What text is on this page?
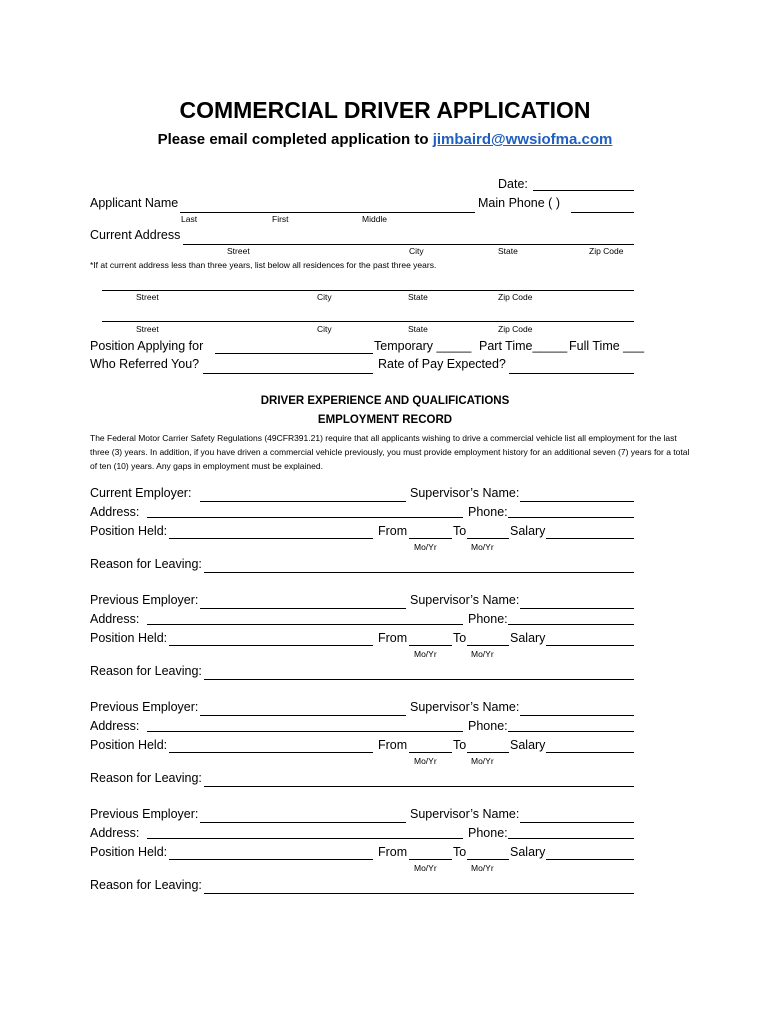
COMMERCIAL DRIVER APPLICATION
Please email completed application to jimbaird@wwsiofma.com
Date:
Applicant Name	Main Phone ( )
Last	First	Middle
Current Address
Street	City	State	Zip Code
*If at current address less than three years, list below all residences for the past three years.
Street	City	State	Zip Code
Street	City	State	Zip Code
Position Applying for	Temporary _____ Part Time_____ Full Time ___
Who Referred You?	Rate of Pay Expected?
DRIVER EXPERIENCE AND QUALIFICATIONS
EMPLOYMENT RECORD
The Federal Motor Carrier Safety Regulations (49CFR391.21) require that all applicants wishing to drive a commercial vehicle list all employment for the last three (3) years. In addition, if you have driven a commercial vehicle previously, you must provide employment history for an additional seven (7) years for a total of ten (10) years. Any gaps in employment must be explained.
Current Employer:	Supervisor’s Name:
Address:	Phone:
Position Held:	From	To	Salary
Mo/Yr	Mo/Yr
Reason for Leaving:
Previous Employer:	Supervisor’s Name:
Address:	Phone:
Position Held:	From	To	Salary
Mo/Yr	Mo/Yr
Reason for Leaving:
Previous Employer:	Supervisor’s Name:
Address:	Phone:
Position Held:	From	To	Salary
Mo/Yr	Mo/Yr
Reason for Leaving:
Previous Employer:	Supervisor’s Name:
Address:	Phone:
Position Held:	From	To	Salary
Mo/Yr	Mo/Yr
Reason for Leaving:
